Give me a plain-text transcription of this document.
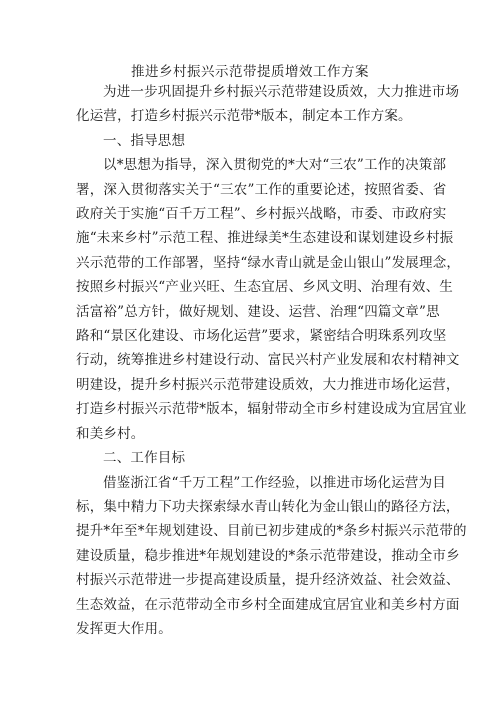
推进乡村振兴示范带提质增效工作方案

为进一步巩固提升乡村振兴示范带建设质效，大力推进市场
化运营，打造乡村振兴示范带*版本，制定本工作方案。

一、指导思想

以*思想为指导，深入贯彻党的*大对“三农”工作的决策部
署，深入贯彻落实关于“三农”工作的重要论述，按照省委、省
政府关于实施“百千万工程”、乡村振兴战略，市委、市政府实
施“未来乡村”示范工程、推进绿美*生态建设和谋划建设乡村振
兴示范带的工作部署，坚持“绿水青山就是金山银山”发展理念，
按照乡村振兴“产业兴旺、生态宜居、乡风文明、治理有效、生
活富裕”总方针，做好规划、建设、运营、治理“四篇文章”思
路和“景区化建设、市场化运营”要求，紧密结合明珠系列攻坚
行动，统筹推进乡村建设行动、富民兴村产业发展和农村精神文
明建设，提升乡村振兴示范带建设质效，大力推进市场化运营，
打造乡村振兴示范带*版本，辐射带动全市乡村建设成为宜居宜业
和美乡村。

二、工作目标

借鉴浙江省“千万工程”工作经验，以推进市场化运营为目
标，集中精力下功夫探索绿水青山转化为金山银山的路径方法，
提升*年至*年规划建设、目前已初步建成的*条乡村振兴示范带的
建设质量，稳步推进*年规划建设的*条示范带建设，推动全市乡
村振兴示范带进一步提高建设质量，提升经济效益、社会效益、
生态效益，在示范带动全市乡村全面建成宜居宜业和美乡村方面
发挥更大作用。
